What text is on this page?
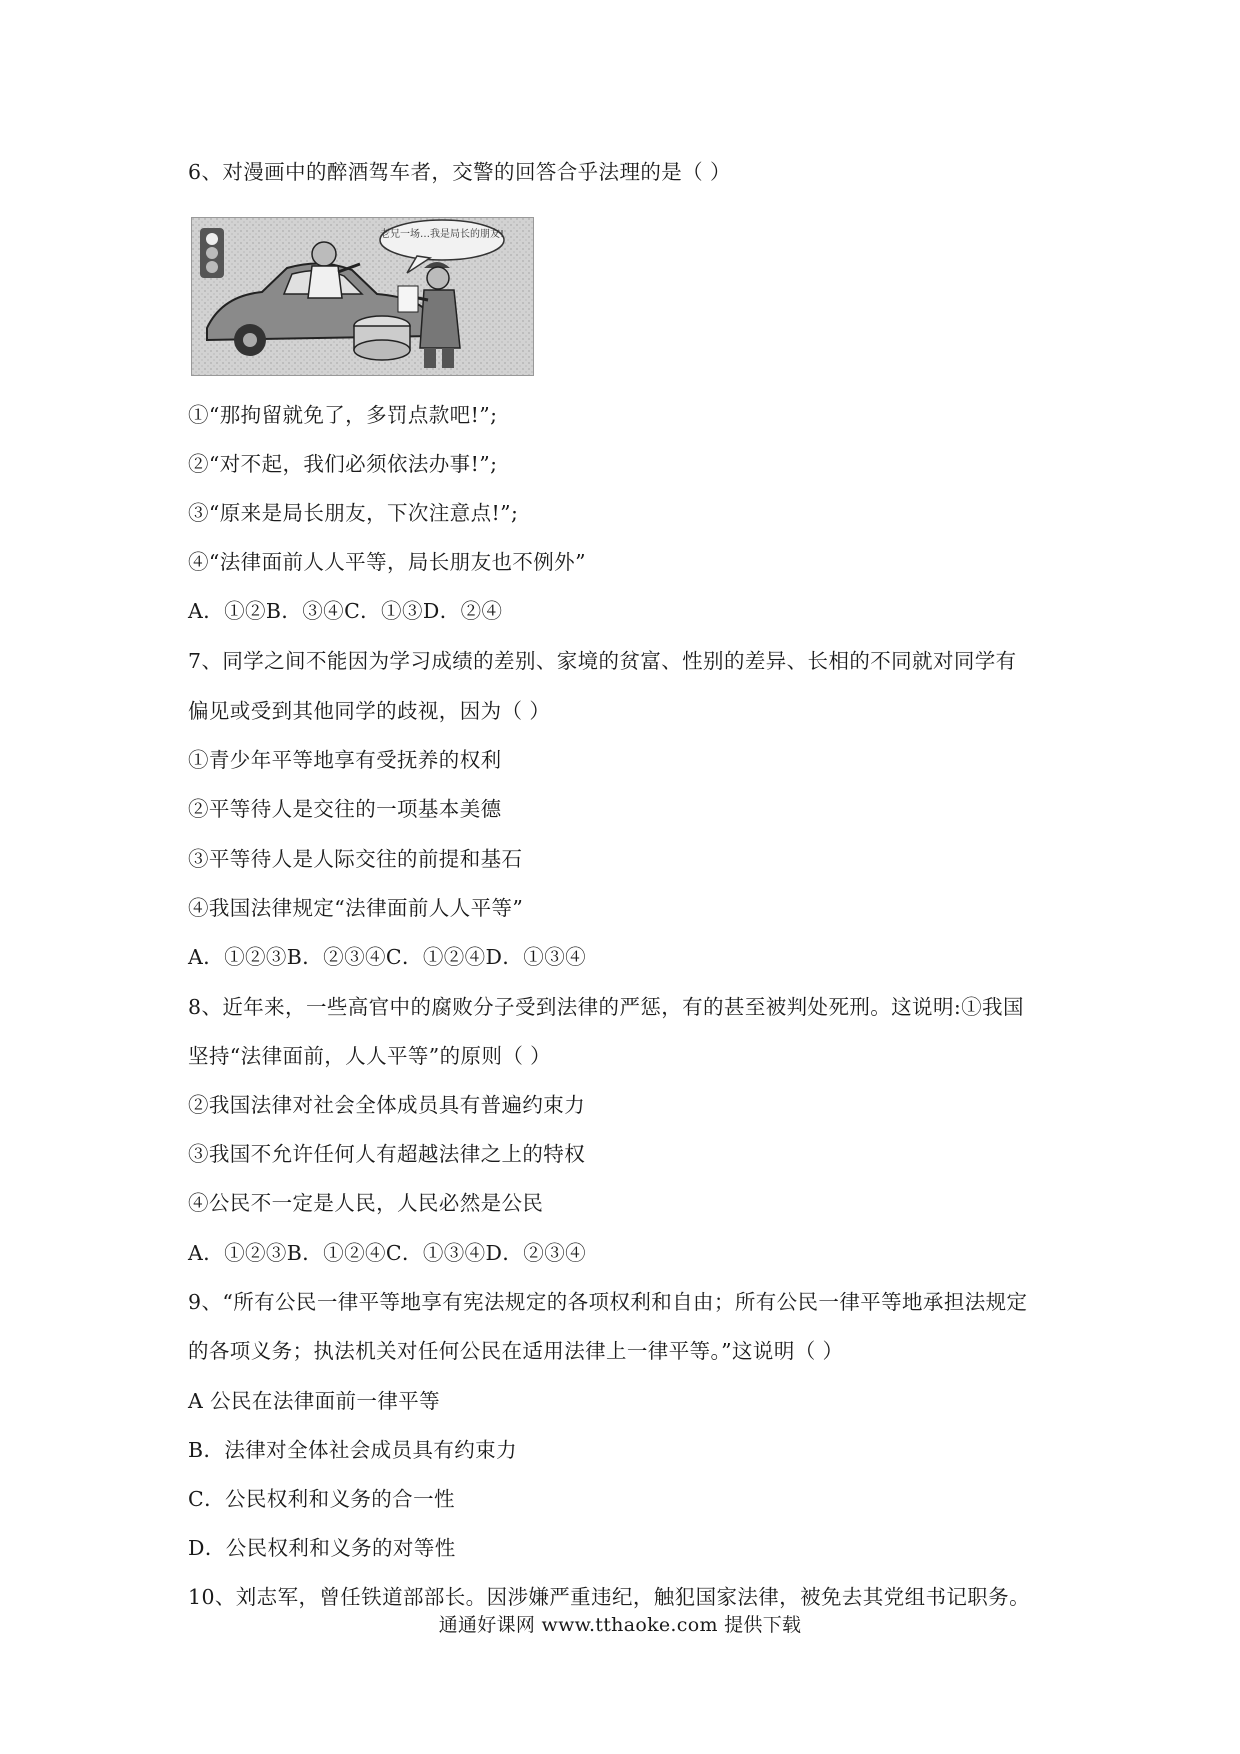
6、对漫画中的醉酒驾车者，交警的回答合乎法理的是（ ）
老兄一场…我是局长的朋友!
①“那拘留就免了，多罚点款吧!”;
②“对不起，我们必须依法办事!”;
③“原来是局长朋友，下次注意点!”;
④“法律面前人人平等，局长朋友也不例外”
A．①②B．③④C．①③D．②④
7、同学之间不能因为学习成绩的差别、家境的贫富、性别的差异、长相的不同就对同学有
偏见或受到其他同学的歧视，因为（ ）
①青少年平等地享有受抚养的权利
②平等待人是交往的一项基本美德
③平等待人是人际交往的前提和基石
④我国法律规定“法律面前人人平等”
A．①②③B．②③④C．①②④D．①③④
8、近年来，一些高官中的腐败分子受到法律的严惩，有的甚至被判处死刑。这说明:①我国
坚持“法律面前，人人平等”的原则（ ）
②我国法律对社会全体成员具有普遍约束力
③我国不允许任何人有超越法律之上的特权
④公民不一定是人民，人民必然是公民
A．①②③B．①②④C．①③④D．②③④
9、“所有公民一律平等地享有宪法规定的各项权利和自由；所有公民一律平等地承担法规定
的各项义务；执法机关对任何公民在适用法律上一律平等。”这说明（ ）
A 公民在法律面前一律平等
B．法律对全体社会成员具有约束力
C．公民权利和义务的合一性
D．公民权利和义务的对等性
10、刘志军，曾任铁道部部长。因涉嫌严重违纪，触犯国家法律，被免去其党组书记职务。
通通好课网 www.tthaoke.com 提供下载
